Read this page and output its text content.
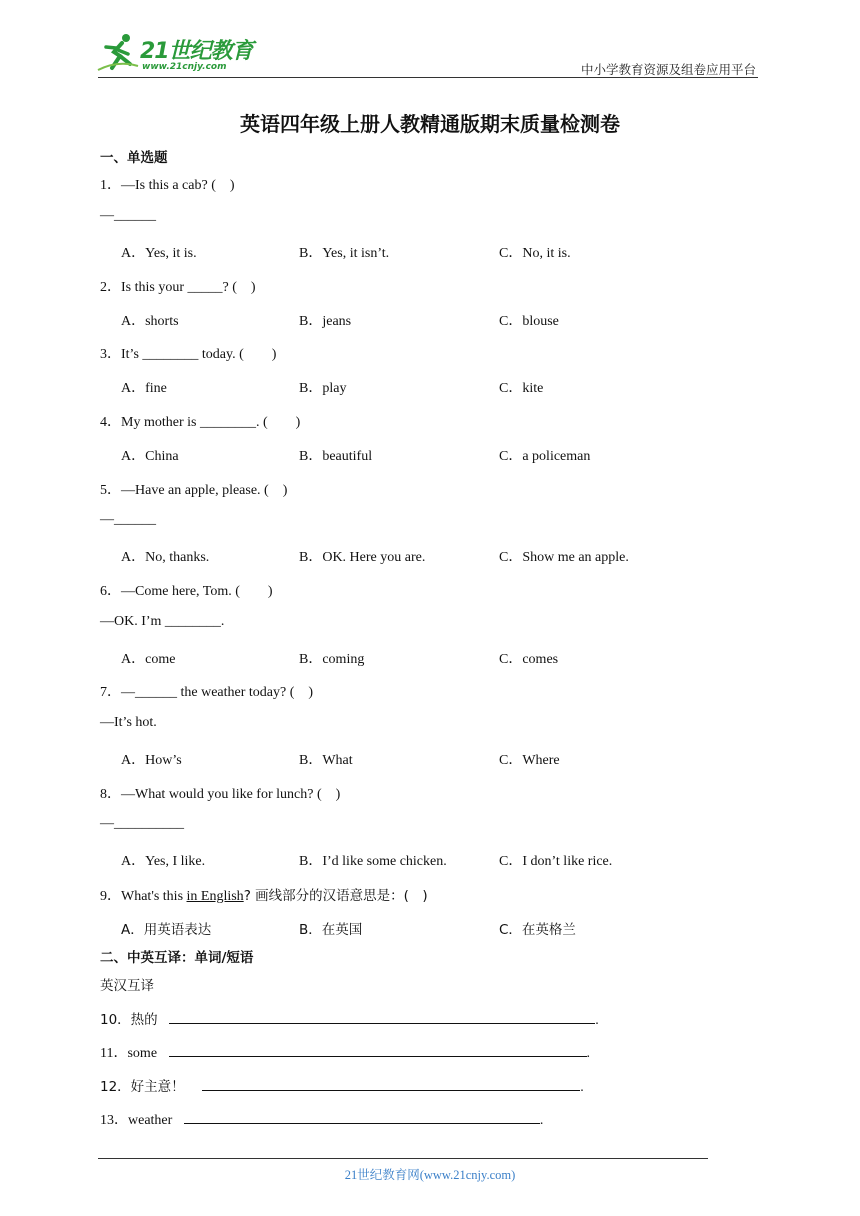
21世纪教育
www.21cnjy.com	中小学教育资源及组卷应用平台
英语四年级上册人教精通版期末质量检测卷
一、单选题
1．—Is this a cab? (　)
—______
A．Yes, it is.	B．Yes, it isn’t.	C．No, it is.
2．Is this your _____? (　)
A．shorts	B．jeans	C．blouse
3．It’s ________ today. (　　)
A．fine	B．play	C．kite
4．My mother is ________. (　　)
A．China	B．beautiful	C．a policeman
5．—Have an apple, please. (　)
—______
A．No, thanks.	B．OK. Here you are.	C．Show me an apple.
6．—Come here, Tom. (　　)
—OK. I’m ________.
A．come	B．coming	C．comes
7．—______ the weather today? (　)
—It’s hot.
A．How’s	B．What	C．Where
8．—What would you like for lunch? (　)
—__________
A．Yes, I like.	B．I’d like some chicken.	C．I don’t like rice.
9．What's this in English? 画线部分的汉语意思是：(　)
A．用英语表达	B．在英国	C．在英格兰
二、中英互译：单词/短语
英汉互译
10．热的	.
11．some	.
12．好主意！	.
13．weather	.
21世纪教育网(www.21cnjy.com)
